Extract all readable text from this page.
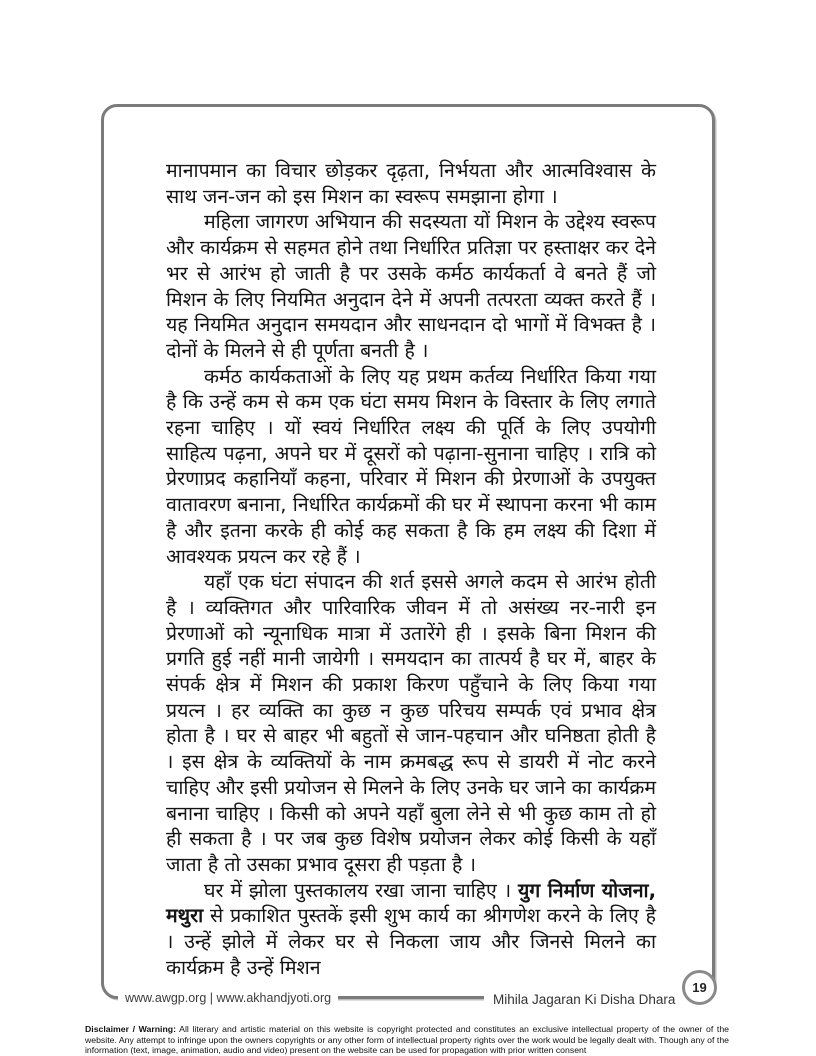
मानापमान का विचार छोड़कर दृढ़ता, निर्भयता और आत्मविश्वास के साथ जन-जन को इस मिशन का स्वरूप समझाना होगा ।

महिला जागरण अभियान की सदस्यता यों मिशन के उद्देश्य स्वरूप और कार्यक्रम से सहमत होने तथा निर्धारित प्रतिज्ञा पर हस्ताक्षर कर देने भर से आरंभ हो जाती है पर उसके कर्मठ कार्यकर्ता वे बनते हैं जो मिशन के लिए नियमित अनुदान देने में अपनी तत्परता व्यक्त करते हैं । यह नियमित अनुदान समयदान और साधनदान दो भागों में विभक्त है । दोनों के मिलने से ही पूर्णता बनती है ।

कर्मठ कार्यकताओं के लिए यह प्रथम कर्तव्य निर्धारित किया गया है कि उन्हें कम से कम एक घंटा समय मिशन के विस्तार के लिए लगाते रहना चाहिए । यों स्वयं निर्धारित लक्ष्य की पूर्ति के लिए उपयोगी साहित्य पढ़ना, अपने घर में दूसरों को पढ़ाना-सुनाना चाहिए । रात्रि को प्रेरणाप्रद कहानियाँ कहना, परिवार में मिशन की प्रेरणाओं के उपयुक्त वातावरण बनाना, निर्धारित कार्यक्रमों की घर में स्थापना करना भी काम है और इतना करके ही कोई कह सकता है कि हम लक्ष्य की दिशा में आवश्यक प्रयत्न कर रहे हैं ।

यहाँ एक घंटा संपादन की शर्त इससे अगले कदम से आरंभ होती है । व्यक्तिगत और पारिवारिक जीवन में तो असंख्य नर-नारी इन प्रेरणाओं को न्यूनाधिक मात्रा में उतारेंगे ही । इसके बिना मिशन की प्रगति हुई नहीं मानी जायेगी । समयदान का तात्पर्य है घर में, बाहर के संपर्क क्षेत्र में मिशन की प्रकाश किरण पहुँचाने के लिए किया गया प्रयत्न । हर व्यक्ति का कुछ न कुछ परिचय सम्पर्क एवं प्रभाव क्षेत्र होता है । घर से बाहर भी बहुतों से जान-पहचान और घनिष्ठता होती है । इस क्षेत्र के व्यक्तियों के नाम क्रमबद्ध रूप से डायरी में नोट करने चाहिए और इसी प्रयोजन से मिलने के लिए उनके घर जाने का कार्यक्रम बनाना चाहिए । किसी को अपने यहाँ बुला लेने से भी कुछ काम तो हो ही सकता है । पर जब कुछ विशेष प्रयोजन लेकर कोई किसी के यहाँ जाता है तो उसका प्रभाव दूसरा ही पड़ता है ।

घर में झोला पुस्तकालय रखा जाना चाहिए । युग निर्माण योजना, मथुरा से प्रकाशित पुस्तकें इसी शुभ कार्य का श्रीगणेश करने के लिए है । उन्हें झोले में लेकर घर से निकला जाय और जिनसे मिलने का कार्यक्रम है उन्हें मिशन

www.awgp.org | www.akhandjyoti.org	Mihila Jagaran Ki Disha Dhara
19
Disclaimer / Warning: All literary and artistic material on this website is copyright protected and constitutes an exclusive intellectual property of the owner of the website. Any attempt to infringe upon the owners copyrights or any other form of intellectual property rights over the work would be legally dealt with. Though any of the information (text, image, animation, audio and video) present on the website can be used for propagation with prior written consent
